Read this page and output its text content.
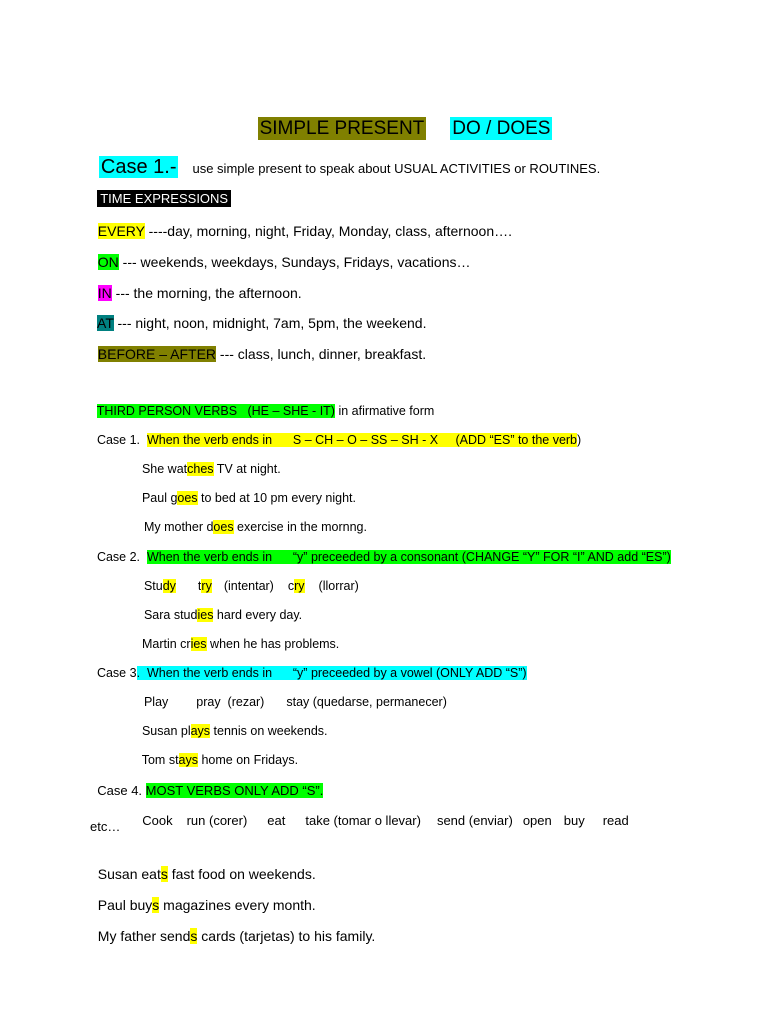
SIMPLE PRESENT DO / DOES

Case 1.- use simple present to speak about USUAL ACTIVITIES or ROUTINES.

TIME EXPRESSIONS

EVERY ----day, morning, night, Friday, Monday, class, afternoon….

ON --- weekends, weekdays, Sundays, Fridays, vacations…

IN --- the morning, the afternoon.

AT --- night, noon, midnight, 7am, 5pm, the weekend.

BEFORE – AFTER --- class, lunch, dinner, breakfast.

THIRD PERSON VERBS   (HE – SHE - IT) in afirmative form

Case 1.  When the verb ends in      S – CH – O – SS – SH - X     (ADD “ES” to the verb)

She watches TV at night.

Paul goes to bed at 10 pm every night.

My mother does exercise in the mornng.

Case 2.  When the verb ends in      “y” preceeded by a consonant (CHANGE “Y” FOR “I” AND add “ES”)

Study try (intentar) cry (llorrar)

Sara studies hard every day.

Martin cries when he has problems.

Case 3.  When the verb ends in      “y” preceeded by a vowel (ONLY ADD “S”)

Play pray  (rezar) stay (quedarse, permanecer)

Susan plays tennis on weekends.

Tom stays home on Fridays.

Case 4. MOST VERBS ONLY ADD “S”.

Cook run (corer) eat take (tomar o llevar) send (enviar) open buy read

etc…

Susan eats fast food on weekends.

Paul buys magazines every month.

My father sends cards (tarjetas) to his family.
